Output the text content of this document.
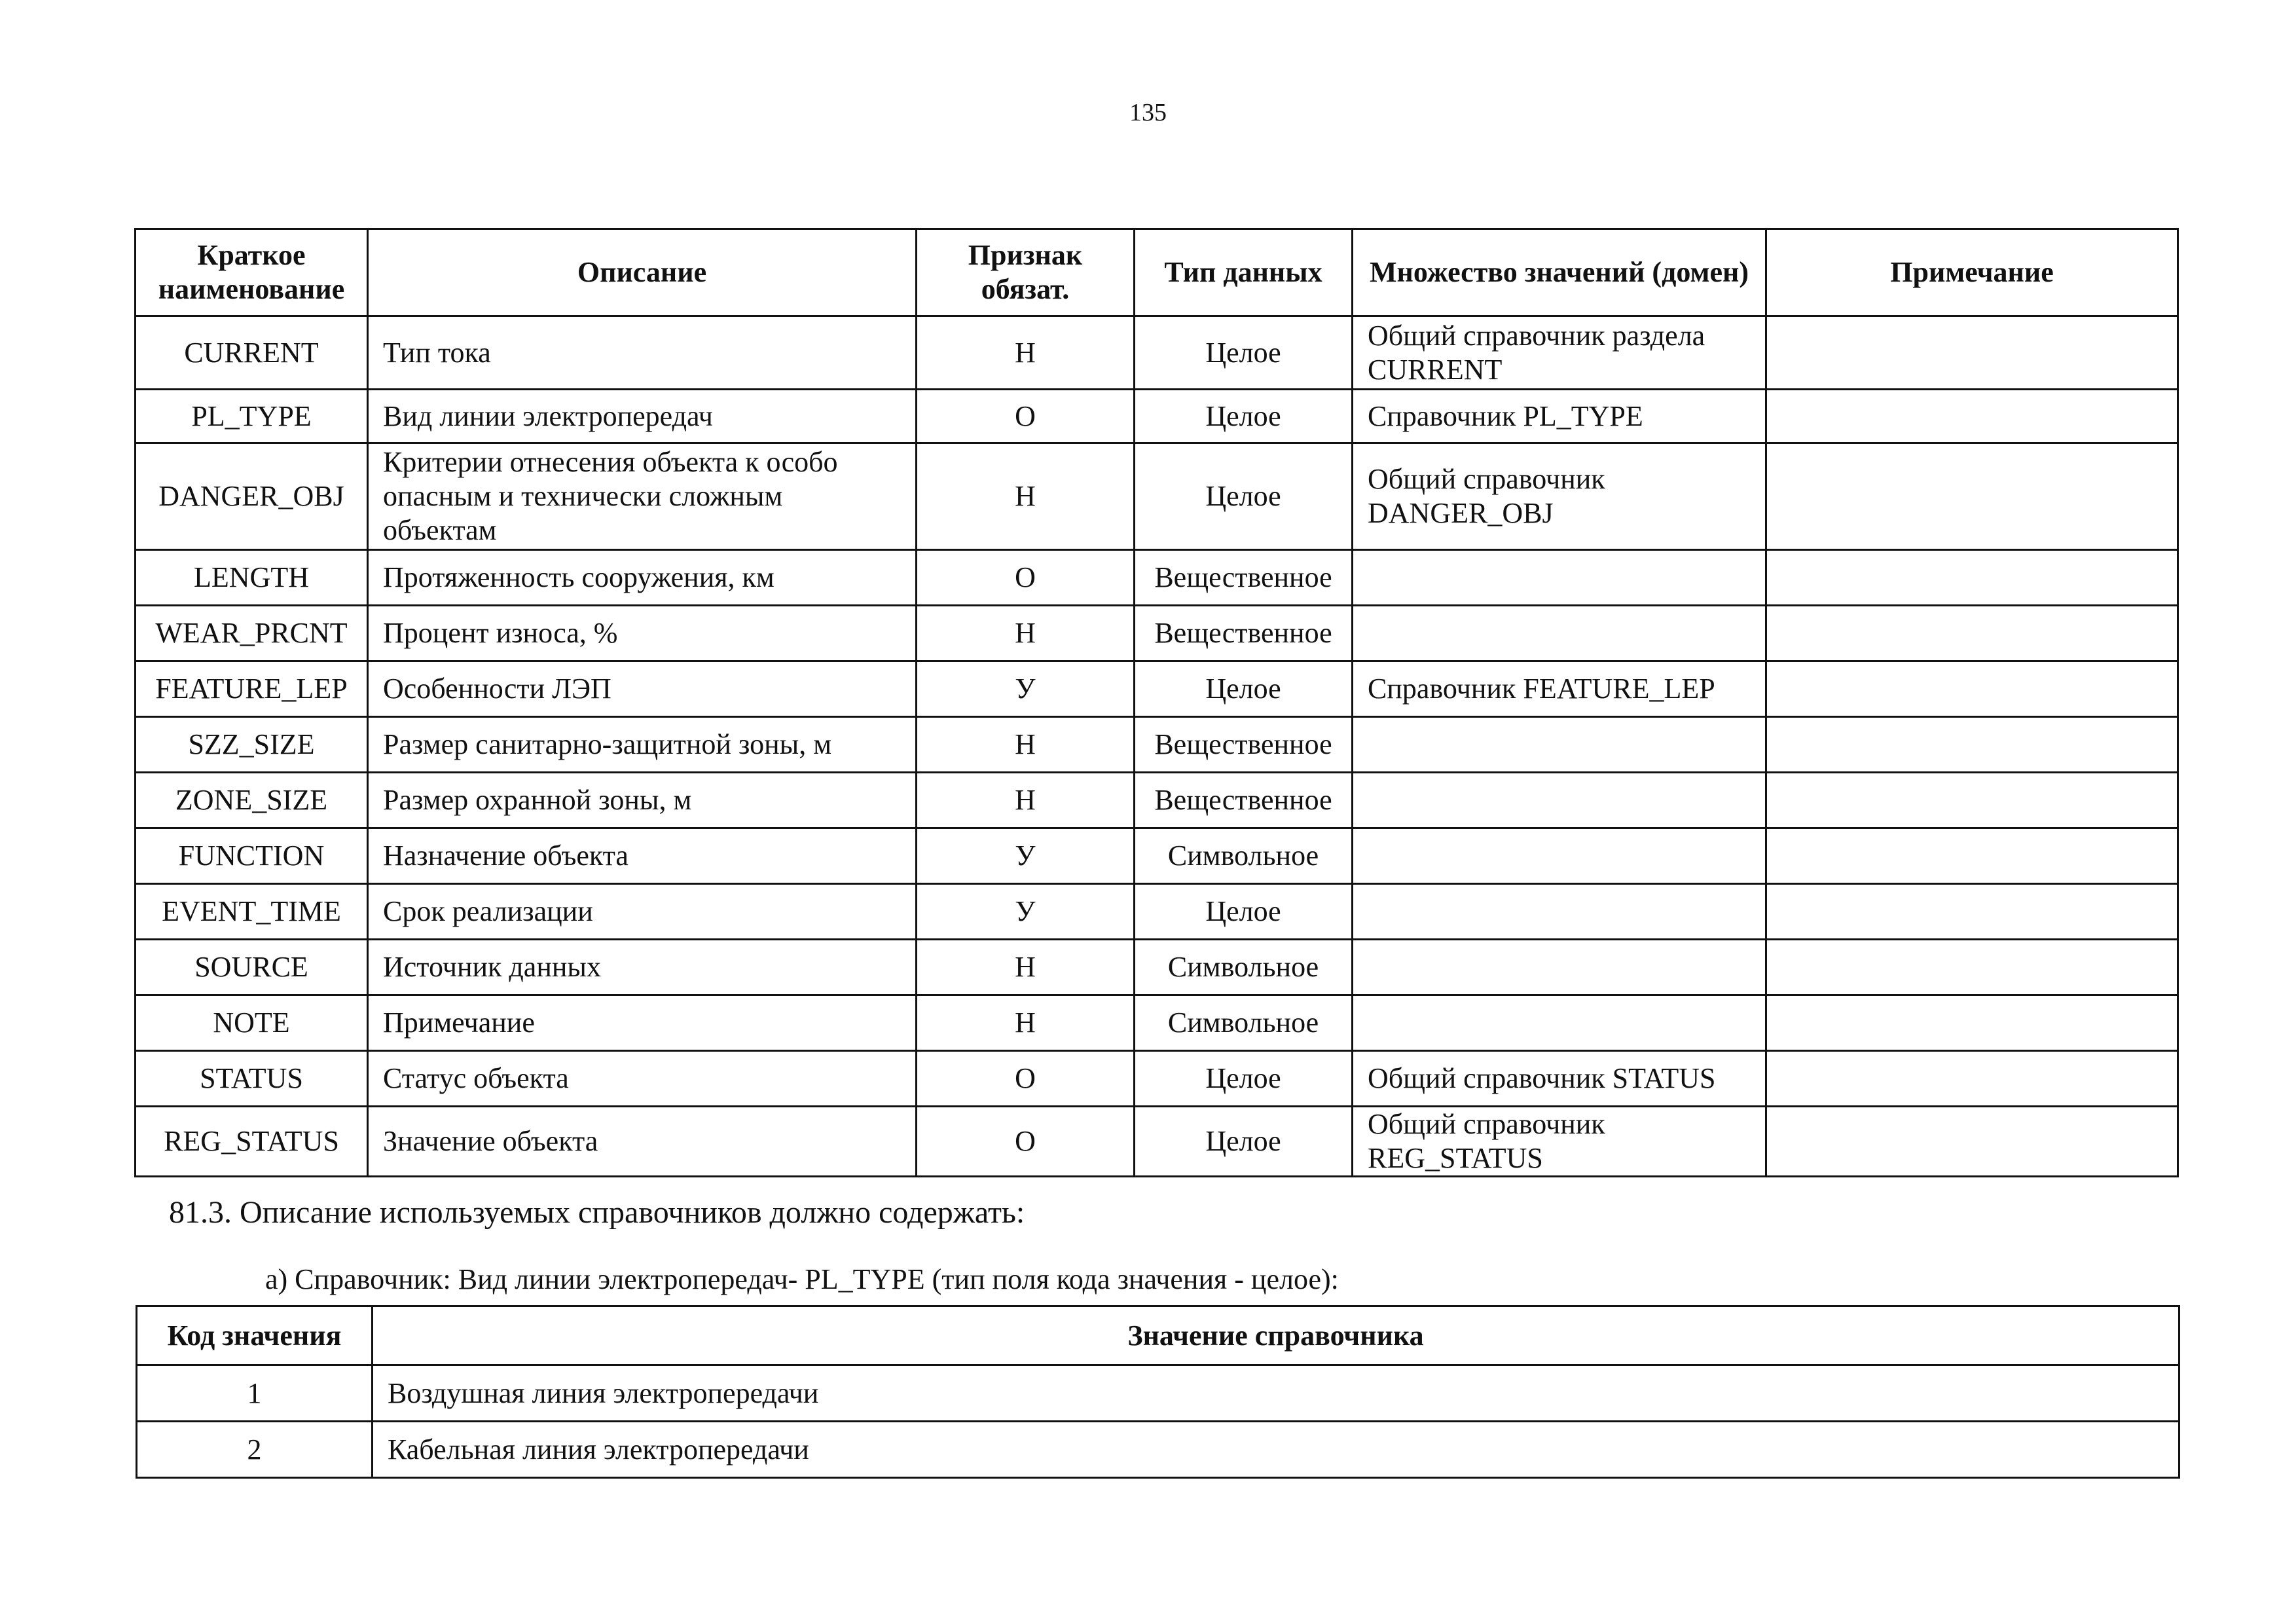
135
Краткое наименование	Описание	Признак обязат.	Тип данных	Множество значений (домен)	Примечание
CURRENT	Тип тока	Н	Целое	Общий справочник раздела CURRENT	
PL_TYPE	Вид линии электропередач	О	Целое	Справочник PL_TYPE	
DANGER_OBJ	Критерии отнесения объекта к особо опасным и технически сложным объектам	Н	Целое	Общий справочник DANGER_OBJ	
LENGTH	Протяженность сооружения, км	О	Вещественное		
WEAR_PRCNT	Процент износа, %	Н	Вещественное		
FEATURE_LEP	Особенности ЛЭП	У	Целое	Справочник FEATURE_LEP	
SZZ_SIZE	Размер санитарно-защитной зоны, м	Н	Вещественное		
ZONE_SIZE	Размер охранной зоны, м	Н	Вещественное		
FUNCTION	Назначение объекта	У	Символьное		
EVENT_TIME	Срок реализации	У	Целое		
SOURCE	Источник данных	Н	Символьное		
NOTE	Примечание	Н	Символьное		
STATUS	Статус объекта	О	Целое	Общий справочник STATUS	
REG_STATUS	Значение объекта	О	Целое	Общий справочник REG_STATUS	
81.3. Описание используемых справочников должно содержать:
а) Справочник: Вид линии электропередач- PL_TYPE (тип поля кода значения - целое):
Код значения	Значение справочника
1	Воздушная линия электропередачи
2	Кабельная линия электропередачи
